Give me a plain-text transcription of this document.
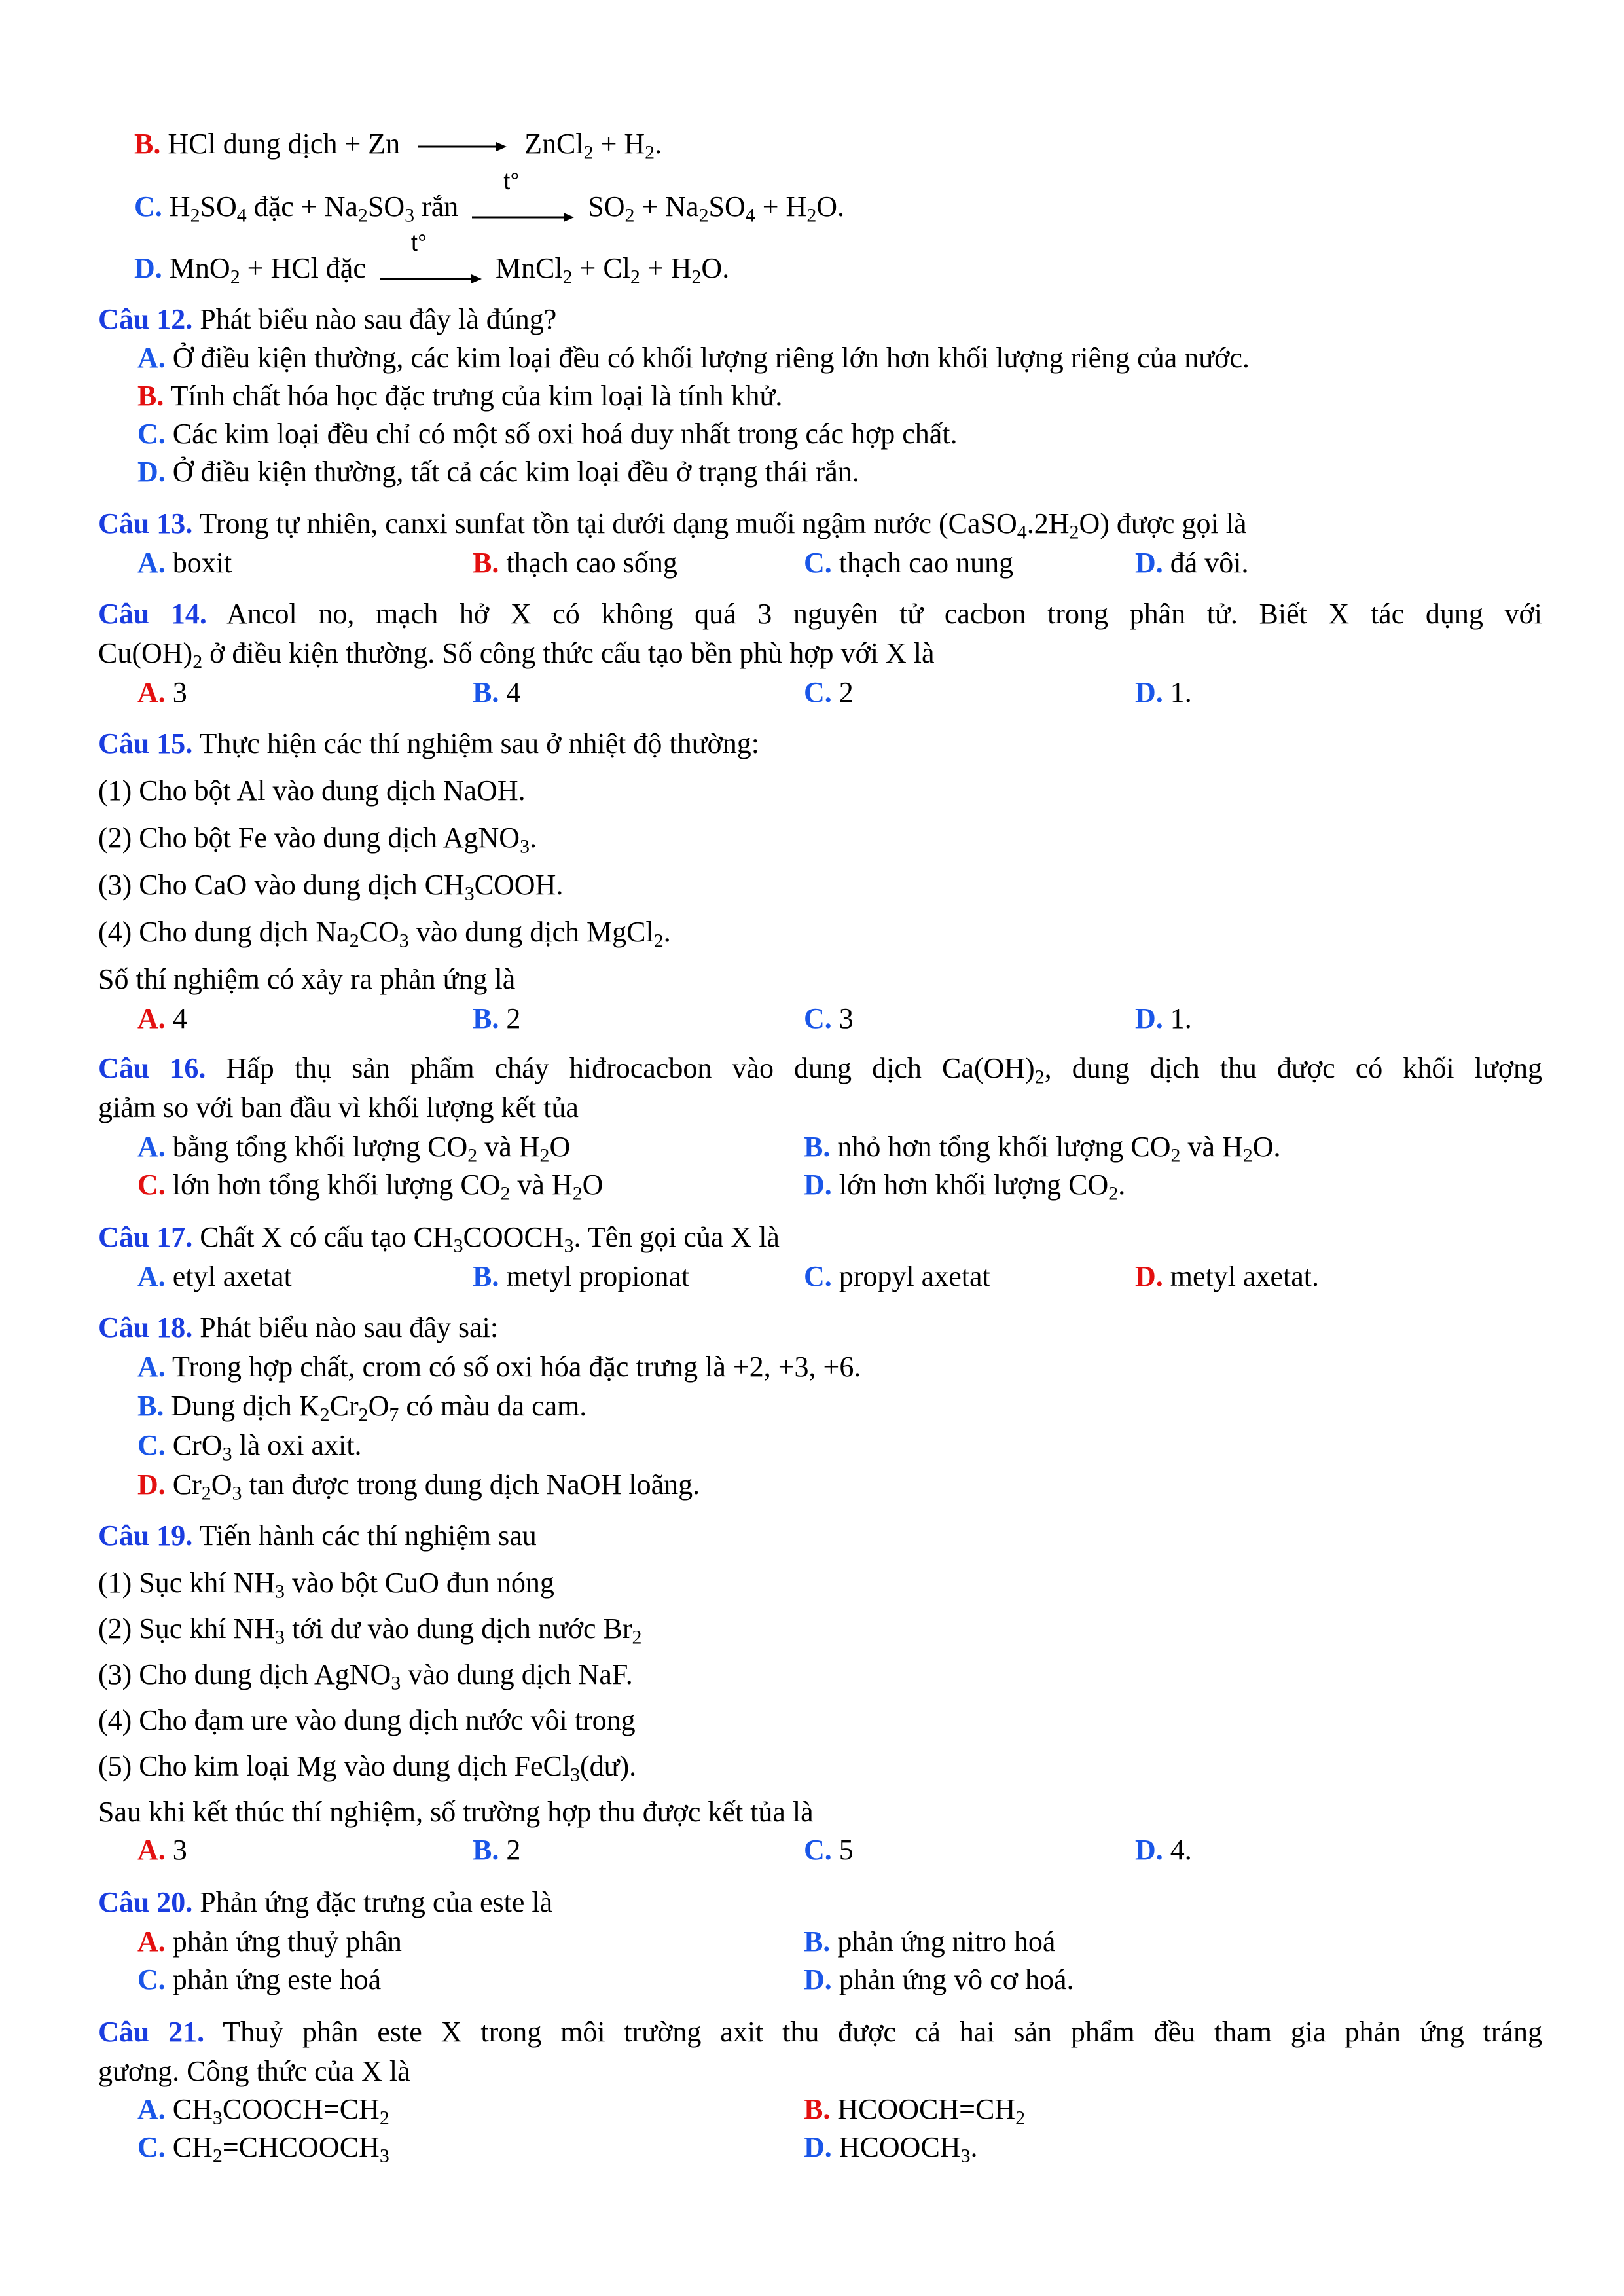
B. HCl dung dịch + Zn → ZnCl$_2$ + $H_2$.
C. $H_2SO_4$ đặc + $Na_2SO_3$ rắn
t°
$SO_2 + Na_2SO_4 + H_2O$.
D. MnO$_2$ + HCl đặc
t°
MnCl$_2$ + $Cl_2 + H_2O$.
Câu 12. Phát biểu nào sau đây là đúng?
A. Ở điều kiện thường, các kim loại đều có khối lượng riêng lớn hơn khối lượng riêng của nước.
B. Tính chất hóa học đặc trưng của kim loại là tính khử.
C. Các kim loại đều chỉ có một số oxi hoá duy nhất trong các hợp chất.
D. Ở điều kiện thường, tất cả các kim loại đều ở trạng thái rắn.
Câu 13. Trong tự nhiên, canxi sunfat tồn tại dưới dạng muối ngậm nước $(CaSO_4.2H_2O)$ được gọi là
A. boxit	B. thạch cao sống	C. thạch cao nung	D. đá vôi.
Câu 14. Ancol no, mạch hở X có không quá 3 nguyên tử cacbon trong phân tử. Biết X tác dụng với
$Cu(OH)_2$ ở điều kiện thường. Số công thức cấu tạo bền phù hợp với X là
A. 3	B. 4	C. 2	D. 1.
Câu 15. Thực hiện các thí nghiệm sau ở nhiệt độ thường:
(1) Cho bột Al vào dung dịch NaOH.
(2) Cho bột Fe vào dung dịch AgNO$_3$.
(3) Cho CaO vào dung dịch $CH_3COOH$.
(4) Cho dung dịch $Na_2CO_3$ vào dung dịch MgCl$_2$.
Số thí nghiệm có xảy ra phản ứng là
A. 4	B. 2	C. 3	D. 1.
Câu 16. Hấp thụ sản phẩm cháy hiđrocacbon vào dung dịch $Ca(OH)_2$, dung dịch thu được có khối lượng
giảm so với ban đầu vì khối lượng kết tủa
A. bằng tổng khối lượng $CO_2$ và $H_2O$	B. nhỏ hơn tổng khối lượng $CO_2$ và $H_2O$.
C. lớn hơn tổng khối lượng $CO_2$ và $H_2O$	D. lớn hơn khối lượng $CO_2$.
Câu 17. Chất X có cấu tạo $CH_3COOCH_3$. Tên gọi của X là
A. etyl axetat	B. metyl propionat	C. propyl axetat	D. metyl axetat.
Câu 18. Phát biểu nào sau đây sai:
A. Trong hợp chất, crom có số oxi hóa đặc trưng là +2, +3, +6.
B. Dung dịch $K_2Cr_2O_7$ có màu da cam.
C. CrO$_3$ là oxi axit.
D. $Cr_2O_3$ tan được trong dung dịch NaOH loãng.
Câu 19. Tiến hành các thí nghiệm sau
(1) Sục khí $NH_3$ vào bột CuO đun nóng
(2) Sục khí $NH_3$ tới dư vào dung dịch nước $Br_2$
(3) Cho dung dịch AgNO$_3$ vào dung dịch NaF.
(4) Cho đạm ure vào dung dịch nước vôi trong
(5) Cho kim loại Mg vào dung dịch FeCl$_3$(dư).
Sau khi kết thúc thí nghiệm, số trường hợp thu được kết tủa là
A. 3	B. 2	C. 5	D. 4.
Câu 20. Phản ứng đặc trưng của este là
A. phản ứng thuỷ phân	B. phản ứng nitro hoá
C. phản ứng este hoá	D. phản ứng vô cơ hoá.
Câu 21. Thuỷ phân este X trong môi trường axit thu được cả hai sản phẩm đều tham gia phản ứng tráng
gương. Công thức của X là
A. $CH_3COOCH=CH_2$	B. $HCOOCH=CH_2$
C. $CH_2=CHCOOCH_3$	D. $HCOOCH_3$.
